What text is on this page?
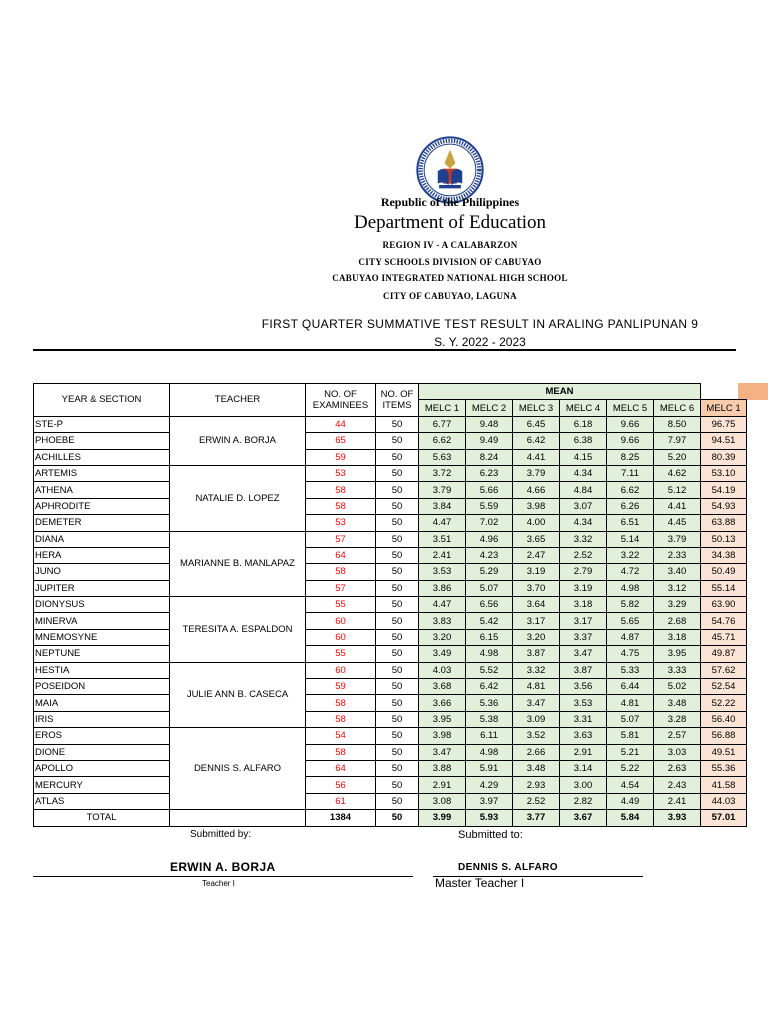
Republic of the Philippines
Department of Education
REGION IV - A CALABARZON
CITY SCHOOLS DIVISION OF CABUYAO
CABUYAO INTEGRATED NATIONAL HIGH SCHOOL
CITY OF CABUYAO, LAGUNA
FIRST QUARTER SUMMATIVE TEST RESULT IN ARALING PANLIPUNAN 9
S. Y. 2022 - 2023
YEAR & SECTION	TEACHER	NO. OF EXAMINEES	NO. OF ITEMS	MEAN						
				MELC 1	MELC 2	MELC 3	MELC 4	MELC 5	MELC 6	MELC 1
STE-P	ERWIN A. BORJA	44	50	6.77	9.48	6.45	6.18	9.66	8.50	96.75
PHOEBE		65	50	6.62	9.49	6.42	6.38	9.66	7.97	94.51
ACHILLES		59	50	5.63	8.24	4.41	4.15	8.25	5.20	80.39
ARTEMIS	NATALIE D. LOPEZ	53	50	3.72	6.23	3.79	4.34	7.11	4.62	53.10
ATHENA		58	50	3.79	5.66	4.66	4.84	6.62	5.12	54.19
APHRODITE		58	50	3.84	5.59	3.98	3.07	6.26	4.41	54.93
DEMETER		53	50	4.47	7.02	4.00	4.34	6.51	4.45	63.88
DIANA	MARIANNE B. MANLAPAZ	57	50	3.51	4.96	3.65	3.32	5.14	3.79	50.13
HERA		64	50	2.41	4.23	2.47	2.52	3.22	2.33	34.38
JUNO		58	50	3.53	5.29	3.19	2.79	4.72	3.40	50.49
JUPITER		57	50	3.86	5.07	3.70	3.19	4.98	3.12	55.14
DIONYSUS	TERESITA A. ESPALDON	55	50	4.47	6.56	3.64	3.18	5.82	3.29	63.90
MINERVA		60	50	3.83	5.42	3.17	3.17	5.65	2.68	54.76
MNEMOSYNE		60	50	3.20	6.15	3.20	3.37	4.87	3.18	45.71
NEPTUNE		55	50	3.49	4.98	3.87	3.47	4.75	3.95	49.87
HESTIA	JULIE ANN B. CASECA	60	50	4.03	5.52	3.32	3.87	5.33	3.33	57.62
POSEIDON		59	50	3.68	6.42	4.81	3.56	6.44	5.02	52.54
MAIA		58	50	3.66	5.36	3.47	3.53	4.81	3.48	52.22
IRIS		58	50	3.95	5.38	3.09	3.31	5.07	3.28	56.40
EROS	DENNIS S. ALFARO	54	50	3.98	6.11	3.52	3.63	5.81	2.57	56.88
DIONE		58	50	3.47	4.98	2.66	2.91	5.21	3.03	49.51
APOLLO		64	50	3.88	5.91	3.48	3.14	5.22	2.63	55.36
MERCURY		56	50	2.91	4.29	2.93	3.00	4.54	2.43	41.58
ATLAS		61	50	3.08	3.97	2.52	2.82	4.49	2.41	44.03
TOTAL		1384	50	3.99	5.93	3.77	3.67	5.84	3.93	57.01
Submitted by:	Submitted to:
ERWIN A. BORJA	DENNIS S. ALFARO
Teacher I	Master Teacher I
